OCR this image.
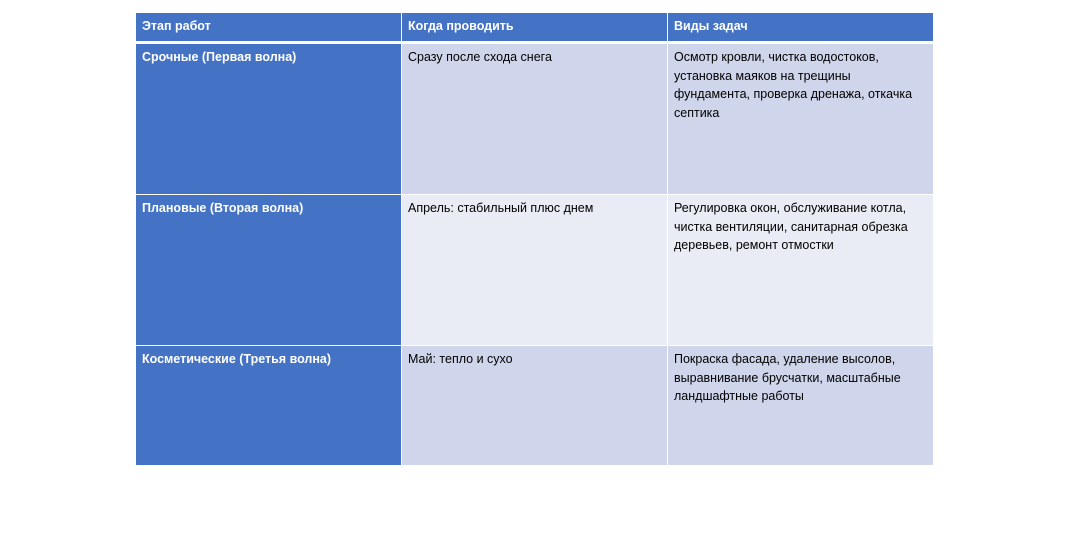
Этап работ	Когда проводить	Виды задач
Срочные (Первая волна)	Сразу после схода снега	Осмотр кровли, чистка водостоков, установка маяков на трещины фундамента, проверка дренажа, откачка септика
Плановые (Вторая волна)	Апрель: стабильный плюс днем	Регулировка окон, обслуживание котла, чистка вентиляции, санитарная обрезка деревьев, ремонт отмостки
Косметические (Третья волна)	Май: тепло и сухо	Покраска фасада, удаление высолов, выравнивание брусчатки, масштабные ландшафтные работы
